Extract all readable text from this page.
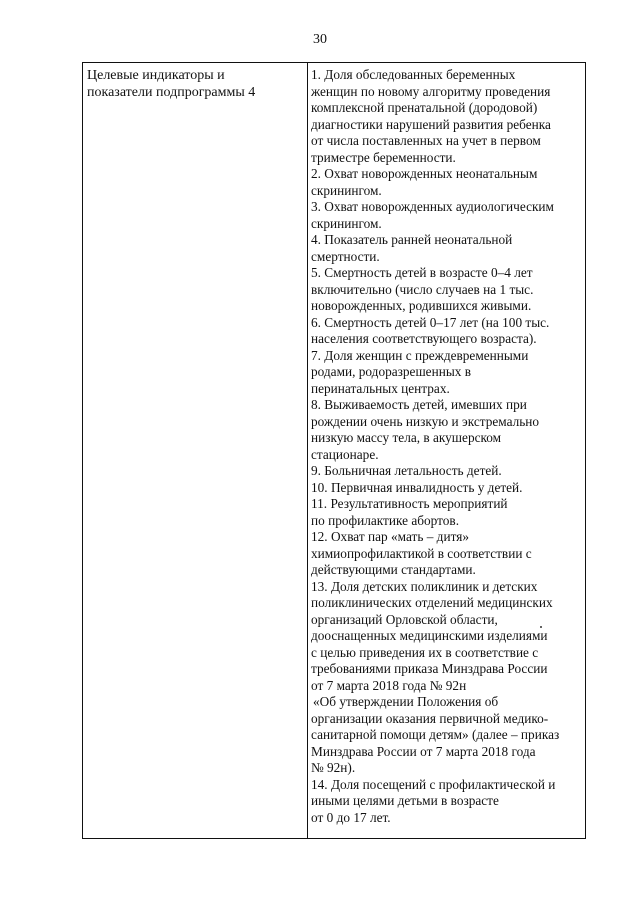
30
Целевые индикаторы и
показатели подпрограммы 4
1. Доля обследованных беременных
женщин по новому алгоритму проведения
комплексной пренатальной (дородовой)
диагностики нарушений развития ребенка
от числа поставленных на учет в первом
триместре беременности.
2. Охват новорожденных неонатальным
скринингом.
3. Охват новорожденных аудиологическим
скринингом.
4. Показатель ранней неонатальной
смертности.
5. Смертность детей в возрасте 0–4 лет
включительно (число случаев на 1 тыс.
новорожденных, родившихся живыми.
6. Смертность детей 0–17 лет (на 100 тыс.
населения соответствующего возраста).
7. Доля женщин с преждевременными
родами, родоразрешенных в
перинатальных центрах.
8. Выживаемость детей, имевших при
рождении очень низкую и экстремально
низкую массу тела, в акушерском
стационаре.
9. Больничная летальность детей.
10. Первичная инвалидность у детей.
11. Результативность мероприятий
по профилактике абортов.
12. Охват пар «мать – дитя»
химиопрофилактикой в соответствии с
действующими стандартами.
13. Доля детских поликлиник и детских
поликлинических отделений медицинских
организаций Орловской области,
дооснащенных медицинскими изделиями
с целью приведения их в соответствие с
требованиями приказа Минздрава России
от 7 марта 2018 года № 92н
«Об утверждении Положения об
организации оказания первичной медико-
санитарной помощи детям» (далее – приказ
Минздрава России от 7 марта 2018 года
№ 92н).
14. Доля посещений с профилактической и
иными целями детьми в возрасте
от 0 до 17 лет.
